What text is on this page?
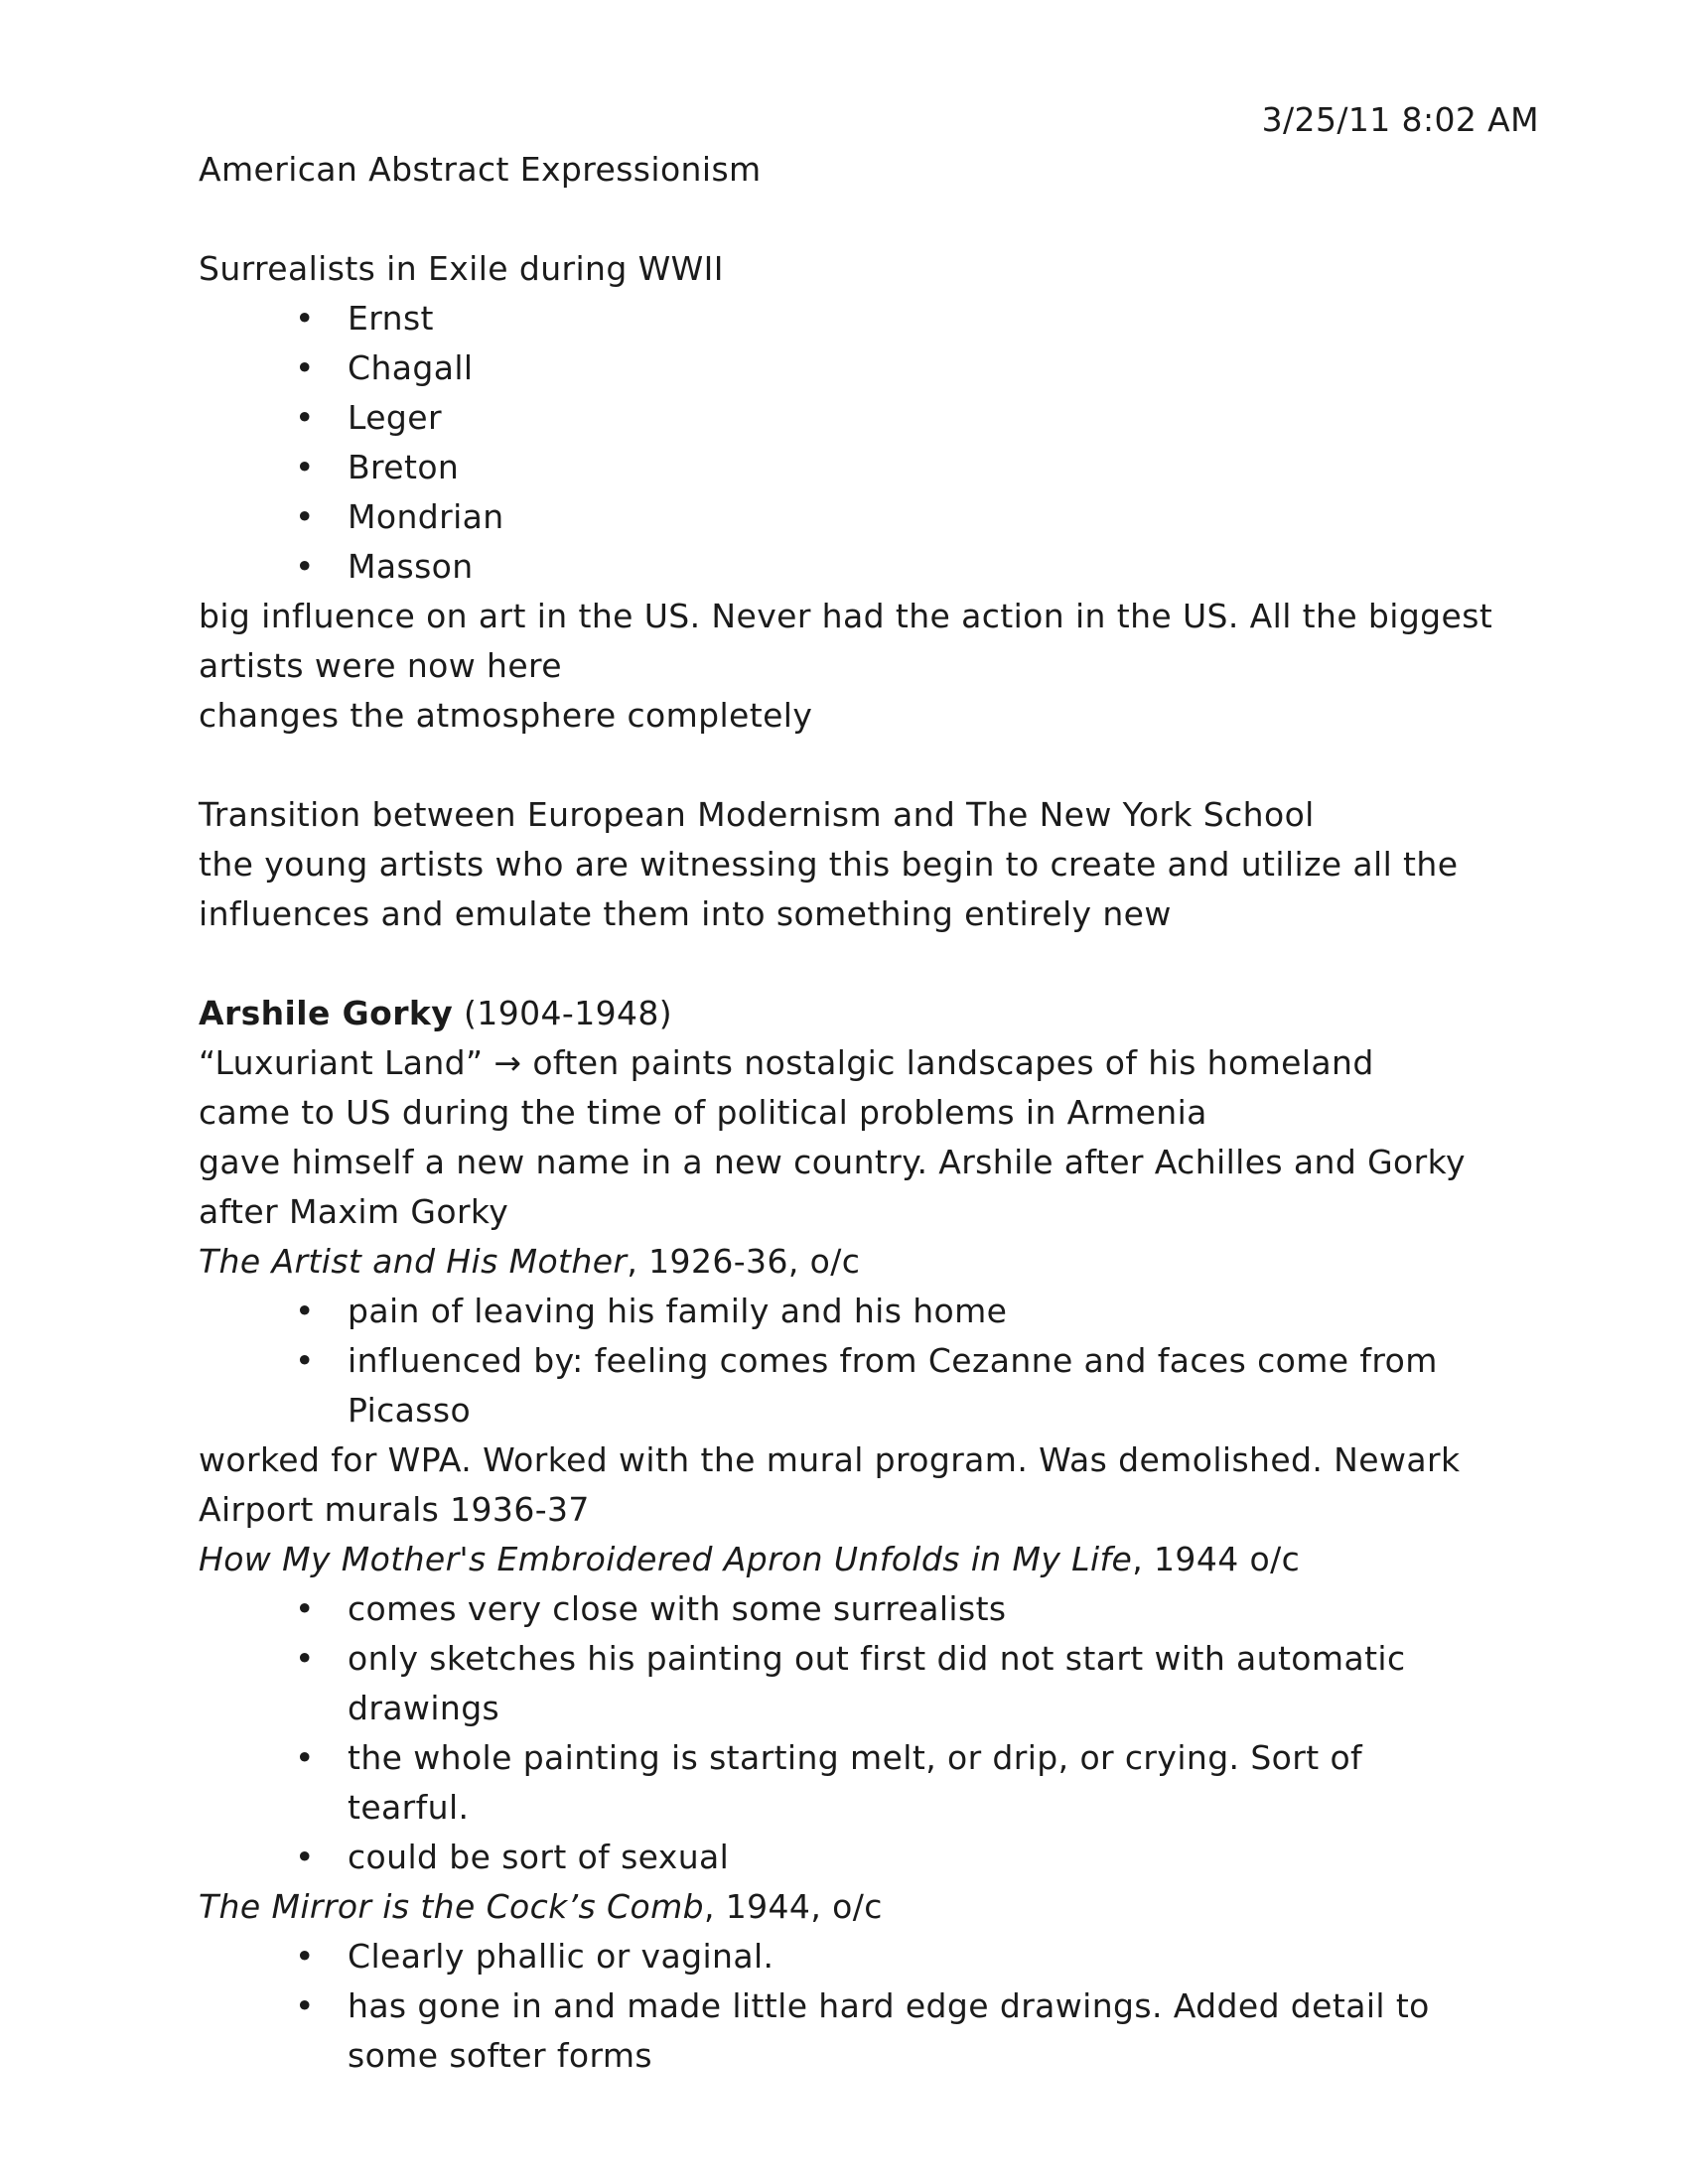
3/25/11 8:02 AM

American Abstract Expressionism

Surrealists in Exile during WWII

• Ernst
• Chagall
• Leger
• Breton
• Mondrian
• Masson

big influence on art in the US. Never had the action in the US. All the biggest

artists were now here

changes the atmosphere completely

Transition between European Modernism and The New York School

the young artists who are witnessing this begin to create and utilize all the

influences and emulate them into something entirely new

Arshile Gorky (1904-1948)

“Luxuriant Land” → often paints nostalgic landscapes of his homeland

came to US during the time of political problems in Armenia

gave himself a new name in a new country. Arshile after Achilles and Gorky

after Maxim Gorky

The Artist and His Mother, 1926-36, o/c

• pain of leaving his family and his home
• influenced by: feeling comes from Cezanne and faces come from Picasso

worked for WPA. Worked with the mural program. Was demolished. Newark

Airport murals 1936-37

How My Mother's Embroidered Apron Unfolds in My Life, 1944 o/c

• comes very close with some surrealists
• only sketches his painting out first did not start with automatic drawings
• the whole painting is starting melt, or drip, or crying. Sort of tearful.
• could be sort of sexual

The Mirror is the Cock’s Comb, 1944, o/c

• Clearly phallic or vaginal.
• has gone in and made little hard edge drawings. Added detail to some softer forms
